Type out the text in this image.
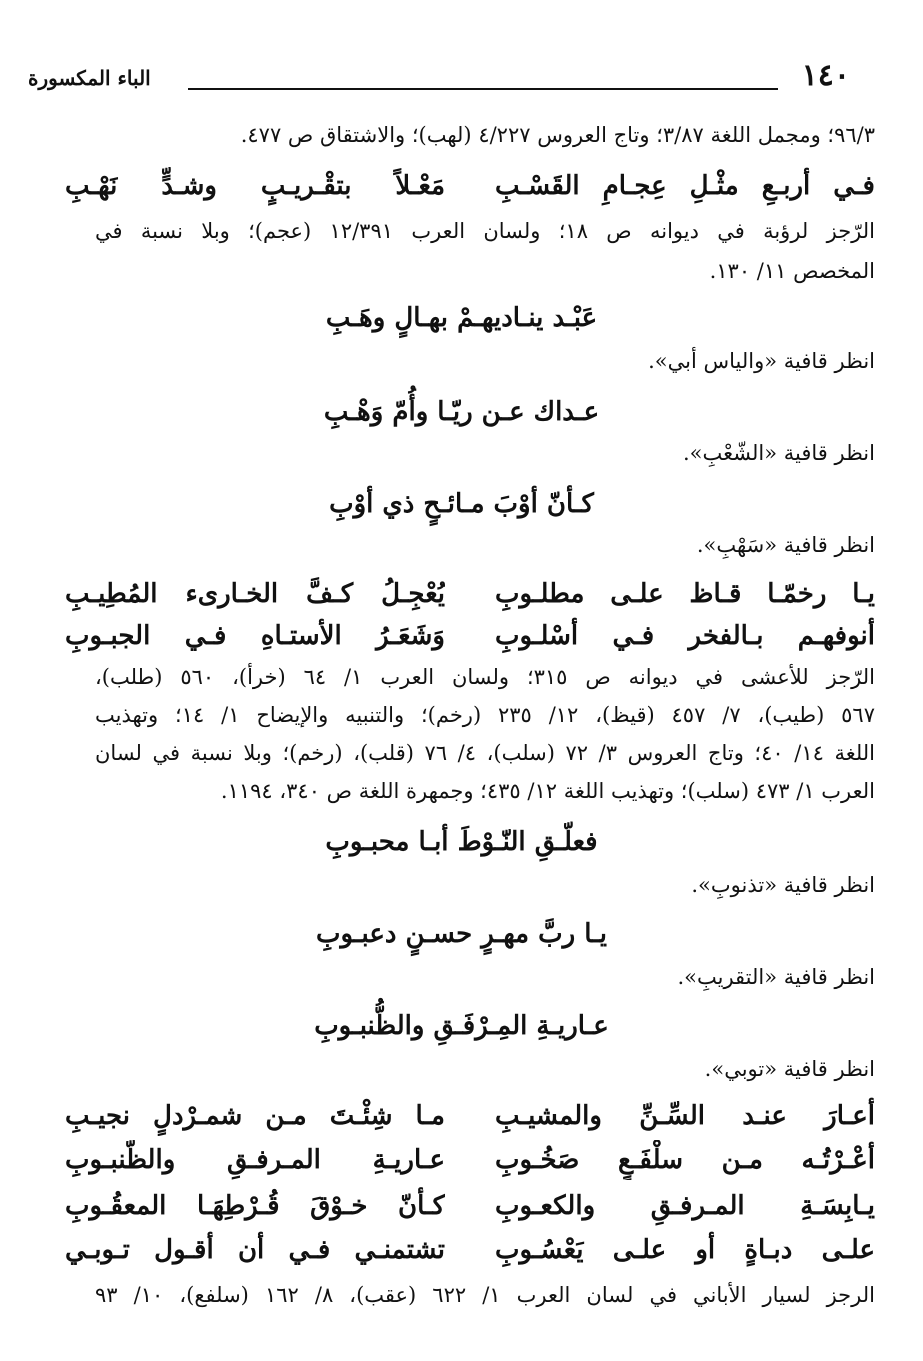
١٤٠
الباء المكسورة
٩٦/٣؛ ومجمل اللغة ٣/٨٧؛ وتاج العروس ٤/٢٢٧ (لهب)؛ والاشتقاق ص ٤٧٧.
فـي أربـعِ مثْـلِ عِجـامِ القَسْـبِ
مَعْـلاً بتقْـريـبٍ وشـدٍّ نَهْـبِ
الرّجز لرؤبة في ديوانه ص ١٨؛ ولسان العرب ١٢/٣٩١ (عجم)؛ وبلا نسبة في
المخصص ١١/ ١٣٠.
عَبْـد ينـاديهـمْ بهـالٍ وهَـبِ
انظر قافية «والياس أبي».
عـداك عـن ريّـا وأُمّ وَهْـبِ
انظر قافية «الشّعْبِ».
كـأنّ أوْبَ مـائـحٍ ذي أوْبِ
انظر قافية «سَهْبِ».
يـا رخمّـا قـاظ علـى مطلـوبِ
يُعْجِـلُ كـفَّ الخـارىء المُطِيـبِ
أنوفهـم بـالفخر فـي أسْلـوبِ
وَشَعَـرُ الأستـاهِ فـي الجبـوبِ
الرّجز للأعشى في ديوانه ص ٣١٥؛ ولسان العرب ١/ ٦٤ (خرأ)، ٥٦٠ (طلب)،
٥٦٧ (طيب)، ٧/ ٤٥٧ (قيظ)، ١٢/ ٢٣٥ (رخم)؛ والتنبيه والإيضاح ١/ ١٤؛ وتهذيب
اللغة ١٤/ ٤٠؛ وتاج العروس ٣/ ٧٢ (سلب)، ٤/ ٧٦ (قلب)، (رخم)؛ وبلا نسبة في لسان
العرب ١/ ٤٧٣ (سلب)؛ وتهذيب اللغة ١٢/ ٤٣٥؛ وجمهرة اللغة ص ٣٤٠، ١١٩٤.
فعلّـقِ النّـوْطَ أبـا محبـوبِ
انظر قافية «تذنوبِ».
يـا ربَّ مهـرٍ حسـنٍ دعبـوبِ
انظر قافية «التقريبِ».
عـاريـةِ المِـرْفَـقِ والظُّنبـوبِ
انظر قافية «توبي».
أعـارَ عنـد السِّـنِّ والمشيـبِ
مـا شِئْـتَ مـن شمـرْدلٍ نجيـبِ
أعْـرْتُـه مـن سلْفَـعٍ صَخُـوبِ
عـاريـةِ المـرفـقِ والظّنبـوبِ
يـابِسَـةِ المـرفـقِ والكعـوبِ
كـأنّ خـوْقَ قُـرْطِهَـا المعقُـوبِ
علـى دبـاةٍ أو علـى يَعْسُـوبِ
تشتمنـي فـي أن أقـول تـوبـي
الرجز لسيار الأباني في لسان العرب ١/ ٦٢٢ (عقب)، ٨/ ١٦٢ (سلفع)، ١٠/ ٩٣
